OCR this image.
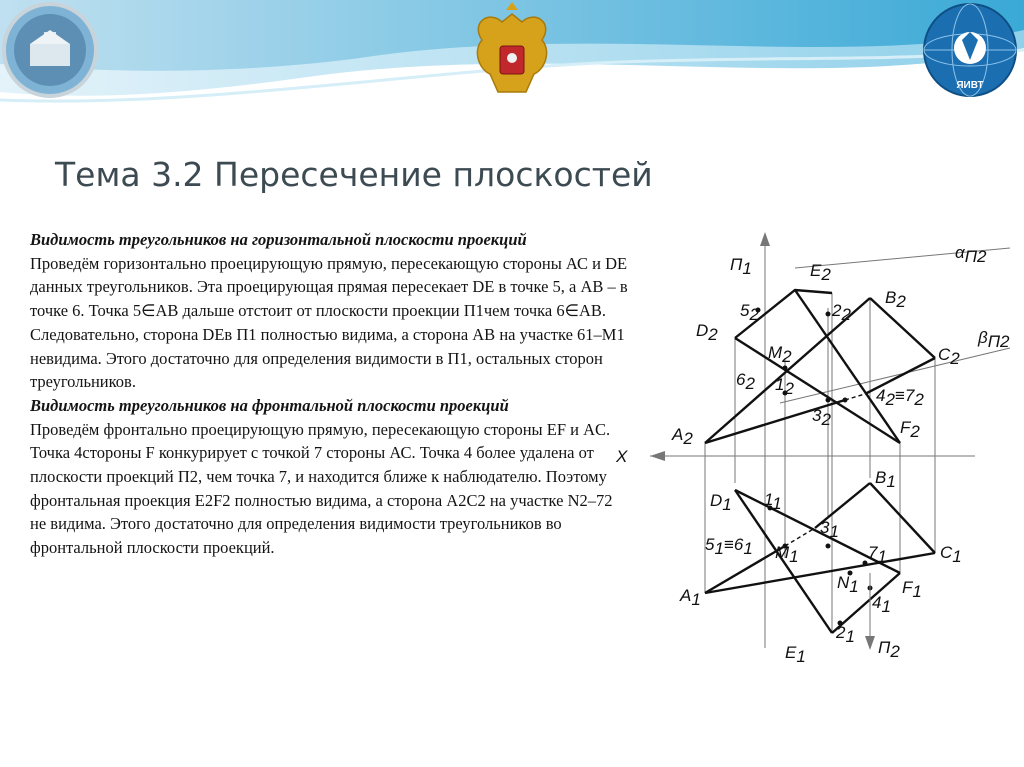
ЯИВТ
Тема 3.2 Пересечение плоскостей

Видимость треугольников на горизонтальной плоскости проекций

Проведём горизонтально проецирующую прямую, пересекающую стороны АС и DE данных треугольников. Эта проецирующая прямая пересекает DE в точке 5, а АВ – в точке 6. Точка 5∈АВ дальше отстоит от плоскости проекции П1чем точка 6∈АВ. Следовательно, сторона DEв П1 полностью видима, а сторона АВ на участке 61–М1 невидима. Этого достаточно для определения видимости в П1, остальных сторон треугольников.

Видимость треугольников на фронтальной плоскости проекций

Проведём фронтально проецирующую прямую, пересекающую стороны EF и AC. Точка 4стороны F конкурирует с точкой 7 стороны АС. Точка 4 более удалена от плоскости проекций П2, чем точка 7, и находится ближе к наблюдателю. Поэтому фронтальная проекция E2F2 полностью видима, а сторона А2С2 на участке N2–72 не видима. Этого достаточно для определения видимости треугольников во фронтальной плоскости проекций.

П1	E2
αП2
B2
52	22
D2	βП2
M2	C2
62 12	42≡72
32
A2
F2
X
B1
D1 11
31
51≡61 M1	71	C1
N1	F1
A1	41
21
E1	П2
